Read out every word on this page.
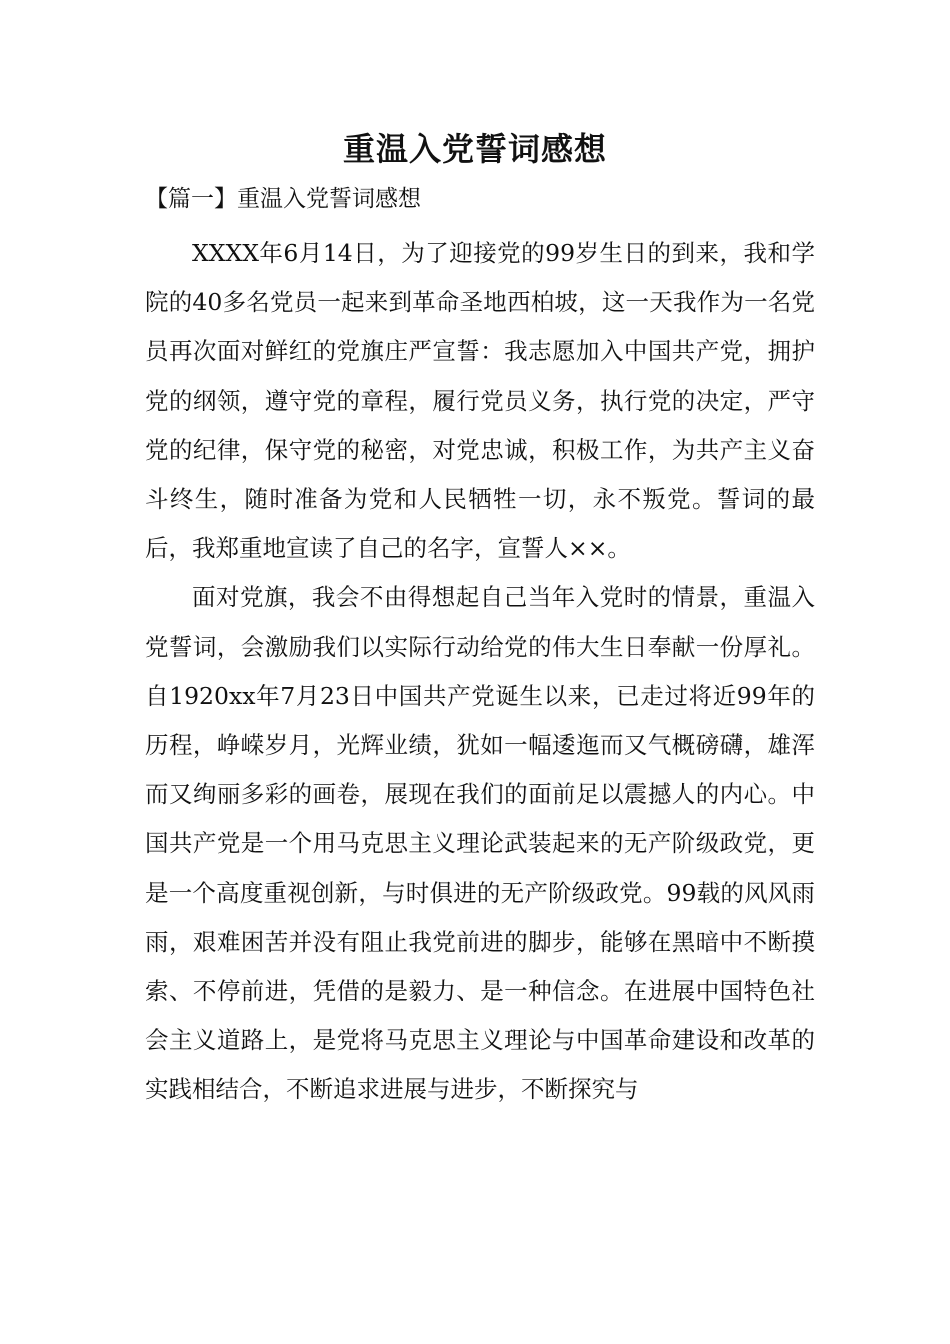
重温入党誓词感想

【篇一】重温入党誓词感想

XXXX年6月14日，为了迎接党的99岁生日的到来，我和学院的40多名党员一起来到革命圣地西柏坡，这一天我作为一名党员再次面对鲜红的党旗庄严宣誓：我志愿加入中国共产党，拥护党的纲领，遵守党的章程，履行党员义务，执行党的决定，严守党的纪律，保守党的秘密，对党忠诚，积极工作，为共产主义奋斗终生，随时准备为党和人民牺牲一切，永不叛党。誓词的最后，我郑重地宣读了自己的名字，宣誓人××。

面对党旗，我会不由得想起自己当年入党时的情景，重温入党誓词，会激励我们以实际行动给党的伟大生日奉献一份厚礼。自1920xx年7月23日中国共产党诞生以来，已走过将近99年的历程，峥嵘岁月，光辉业绩，犹如一幅逶迤而又气概磅礴，雄浑而又绚丽多彩的画卷，展现在我们的面前足以震撼人的内心。中国共产党是一个用马克思主义理论武装起来的无产阶级政党，更是一个高度重视创新，与时俱进的无产阶级政党。99载的风风雨雨，艰难困苦并没有阻止我党前进的脚步，能够在黑暗中不断摸索、不停前进，凭借的是毅力、是一种信念。在进展中国特色社会主义道路上，是党将马克思主义理论与中国革命建设和改革的实践相结合，不断追求进展与进步，不断探究与
